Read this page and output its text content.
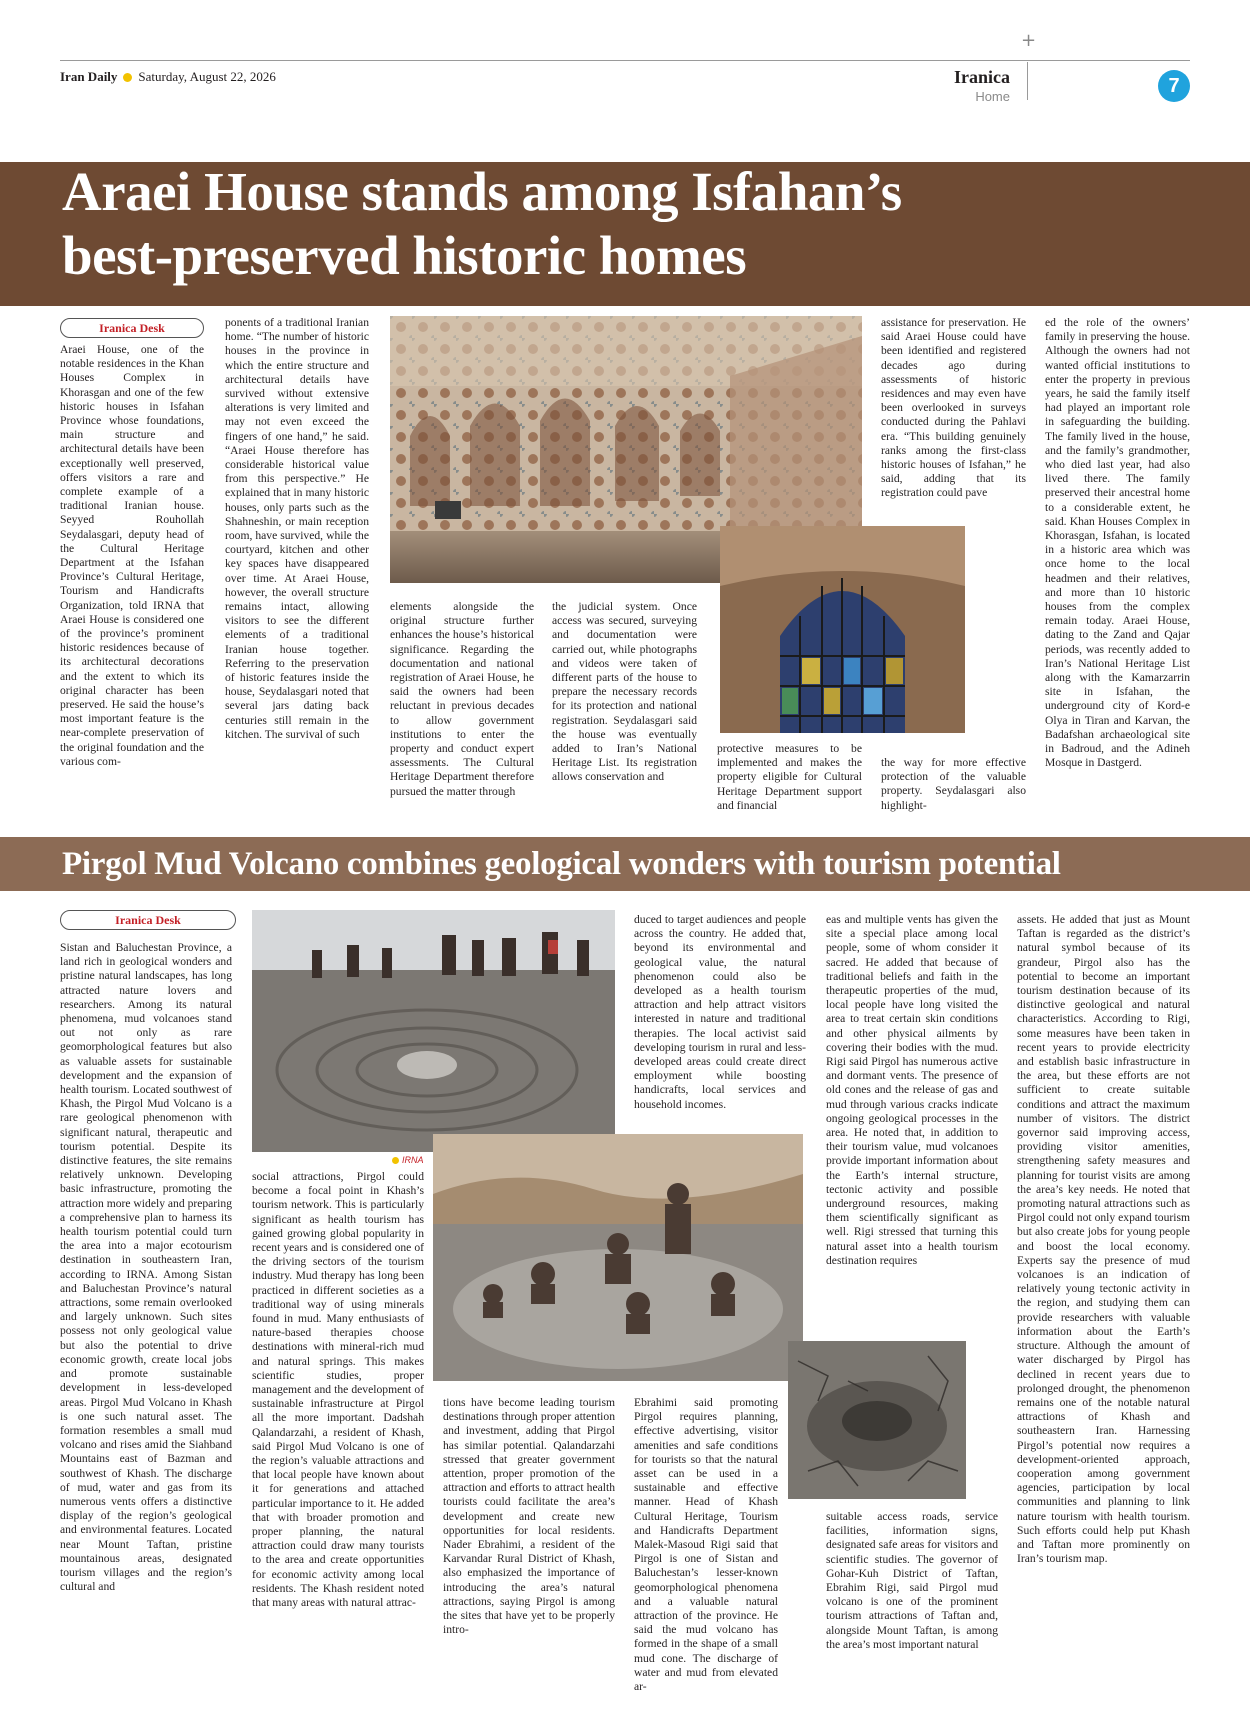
+
Iran Daily Saturday, August 22, 2026	Iranica
Home	7
Araei House stands among Isfahan’s
best-preserved historic homes
Iranica Desk
Araei House, one of the notable residences in the Khan Houses Complex in Khorasgan and one of the few historic houses in Isfahan Province whose foundations, main structure and architectural details have been exceptionally well preserved, offers visitors a rare and complete example of a traditional Iranian house. Seyyed Rouhollah Seydalasgari, deputy head of the Cultural Heritage Department at the Isfahan Province’s Cultural Heritage, Tourism and Handicrafts Organization, told IRNA that Araei House is considered one of the province’s prominent historic residences because of its architectural decorations and the extent to which its original character has been preserved. He said the house’s most important feature is the near-complete preservation of the original foundation and the various com-
ponents of a traditional Iranian home. “The number of historic houses in the province in which the entire structure and architectural details have survived without extensive alterations is very limited and may not even exceed the fingers of one hand,” he said. “Araei House therefore has considerable historical value from this perspective.” He explained that in many historic houses, only parts such as the Shahneshin, or main reception room, have survived, while the courtyard, kitchen and other key spaces have disappeared over time. At Araei House, however, the overall structure remains intact, allowing visitors to see the different elements of a traditional Iranian house together. Referring to the preservation of historic features inside the house, Seydalasgari noted that several jars dating back centuries still remain in the kitchen. The survival of such
elements alongside the original structure further enhances the house’s historical significance. Regarding the documentation and national registration of Araei House, he said the owners had been reluctant in previous decades to allow government institutions to enter the property and conduct expert assessments. The Cultural Heritage Department therefore pursued the matter through
the judicial system. Once access was secured, surveying and documentation were carried out, while photographs and videos were taken of different parts of the house to prepare the necessary records for its protection and national registration. Seydalasgari said the house was eventually added to Iran’s National Heritage List. Its registration allows conservation and
protective measures to be implemented and makes the property eligible for Cultural Heritage Department support and financial
assistance for preservation. He said Araei House could have been identified and registered decades ago during assessments of historic residences and may even have been overlooked in surveys conducted during the Pahlavi era. “This building genuinely ranks among the first-class historic houses of Isfahan,” he said, adding that its registration could pave
the way for more effective protection of the valuable property. Seydalasgari also highlight-
ed the role of the owners’ family in preserving the house. Although the owners had not wanted official institutions to enter the property in previous years, he said the family itself had played an important role in safeguarding the building. The family lived in the house, and the family’s grandmother, who died last year, had also lived there. The family preserved their ancestral home to a considerable extent, he said. Khan Houses Complex in Khorasgan, Isfahan, is located in a historic area which was once home to the local headmen and their relatives, and more than 10 historic houses from the complex remain today. Araei House, dating to the Zand and Qajar periods, was recently added to Iran’s National Heritage List along with the Kamarzarrin site in Isfahan, the underground city of Kord-e Olya in Tiran and Karvan, the Badafshan archaeological site in Badroud, and the Adineh Mosque in Dastgerd.
Pirgol Mud Volcano combines geological wonders with tourism potential
Iranica Desk
Sistan and Baluchestan Province, a land rich in geological wonders and pristine natural landscapes, has long attracted nature lovers and researchers. Among its natural phenomena, mud volcanoes stand out not only as rare geomorphological features but also as valuable assets for sustainable development and the expansion of health tourism. Located southwest of Khash, the Pirgol Mud Volcano is a rare geological phenomenon with significant natural, therapeutic and tourism potential. Despite its distinctive features, the site remains relatively unknown. Developing basic infrastructure, promoting the attraction more widely and preparing a comprehensive plan to harness its health tourism potential could turn the area into a major ecotourism destination in southeastern Iran, according to IRNA. Among Sistan and Baluchestan Province’s natural attractions, some remain overlooked and largely unknown. Such sites possess not only geological value but also the potential to drive economic growth, create local jobs and promote sustainable development in less-developed areas. Pirgol Mud Volcano in Khash is one such natural asset. The formation resembles a small mud volcano and rises amid the Siahband Mountains east of Bazman and southwest of Khash. The discharge of mud, water and gas from its numerous vents offers a distinctive display of the region’s geological and environmental features. Located near Mount Taftan, pristine mountainous areas, designated tourism villages and the region’s cultural and
IRNA
social attractions, Pirgol could become a focal point in Khash’s tourism network. This is particularly significant as health tourism has gained growing global popularity in recent years and is considered one of the driving sectors of the tourism industry. Mud therapy has long been practiced in different societies as a traditional way of using minerals found in mud. Many enthusiasts of nature-based therapies choose destinations with mineral-rich mud and natural springs. This makes scientific studies, proper management and the development of sustainable infrastructure at Pirgol all the more important. Dadshah Qalandarzahi, a resident of Khash, said Pirgol Mud Volcano is one of the region’s valuable attractions and that local people have known about it for generations and attached particular importance to it. He added that with broader promotion and proper planning, the natural attraction could draw many tourists to the area and create opportunities for economic activity among local residents. The Khash resident noted that many areas with natural attrac-
tions have become leading tourism destinations through proper attention and investment, adding that Pirgol has similar potential. Qalandarzahi stressed that greater government attention, proper promotion of the attraction and efforts to attract health tourists could facilitate the area’s development and create new opportunities for local residents. Nader Ebrahimi, a resident of the Karvandar Rural District of Khash, also emphasized the importance of introducing the area’s natural attractions, saying Pirgol is among the sites that have yet to be properly intro-
duced to target audiences and people across the country. He added that, beyond its environmental and geological value, the natural phenomenon could also be developed as a health tourism attraction and help attract visitors interested in nature and traditional therapies. The local activist said developing tourism in rural and less-developed areas could create direct employment while boosting handicrafts, local services and household incomes.
Ebrahimi said promoting Pirgol requires planning, effective advertising, visitor amenities and safe conditions for tourists so that the natural asset can be used in a sustainable and effective manner. Head of Khash Cultural Heritage, Tourism and Handicrafts Department Malek-Masoud Rigi said that Pirgol is one of Sistan and Baluchestan’s lesser-known geomorphological phenomena and a valuable natural attraction of the province. He said the mud volcano has formed in the shape of a small mud cone. The discharge of water and mud from elevated ar-
eas and multiple vents has given the site a special place among local people, some of whom consider it sacred. He added that because of traditional beliefs and faith in the therapeutic properties of the mud, local people have long visited the area to treat certain skin conditions and other physical ailments by covering their bodies with the mud. Rigi said Pirgol has numerous active and dormant vents. The presence of old cones and the release of gas and mud through various cracks indicate ongoing geological processes in the area. He noted that, in addition to their tourism value, mud volcanoes provide important information about the Earth’s internal structure, tectonic activity and possible underground resources, making them scientifically significant as well. Rigi stressed that turning this natural asset into a health tourism destination requires
suitable access roads, service facilities, information signs, designated safe areas for visitors and scientific studies. The governor of Gohar-Kuh District of Taftan, Ebrahim Rigi, said Pirgol mud volcano is one of the prominent tourism attractions of Taftan and, alongside Mount Taftan, is among the area’s most important natural
assets. He added that just as Mount Taftan is regarded as the district’s natural symbol because of its grandeur, Pirgol also has the potential to become an important tourism destination because of its distinctive geological and natural characteristics. According to Rigi, some measures have been taken in recent years to provide electricity and establish basic infrastructure in the area, but these efforts are not sufficient to create suitable conditions and attract the maximum number of visitors. The district governor said improving access, providing visitor amenities, strengthening safety measures and planning for tourist visits are among the area’s key needs. He noted that promoting natural attractions such as Pirgol could not only expand tourism but also create jobs for young people and boost the local economy. Experts say the presence of mud volcanoes is an indication of relatively young tectonic activity in the region, and studying them can provide researchers with valuable information about the Earth’s structure. Although the amount of water discharged by Pirgol has declined in recent years due to prolonged drought, the phenomenon remains one of the notable natural attractions of Khash and southeastern Iran. Harnessing Pirgol’s potential now requires a development-oriented approach, cooperation among government agencies, participation by local communities and planning to link nature tourism with health tourism. Such efforts could help put Khash and Taftan more prominently on Iran’s tourism map.
